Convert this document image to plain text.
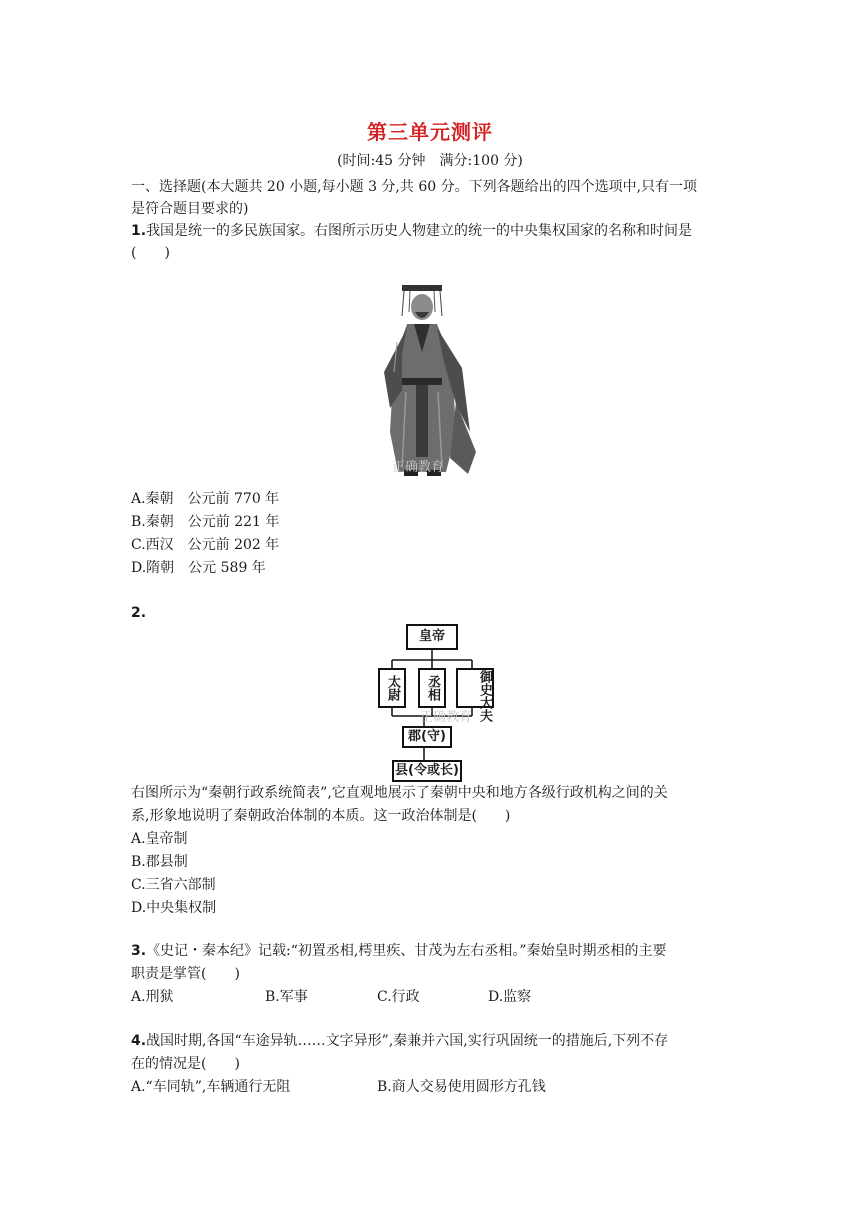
第三单元测评
(时间:45 分钟　满分:100 分)
一、选择题(本大题共 20 小题,每小题 3 分,共 60 分。下列各题给出的四个选项中,只有一项
是符合题目要求的)
1.我国是统一的多民族国家。右图所示历史人物建立的统一的中央集权国家的名称和时间是
(　　)
正确教育
A.秦朝　公元前 770 年
B.秦朝　公元前 221 年
C.西汉　公元前 202 年
D.隋朝　公元 589 年
2.
皇帝
太尉	丞相	御史大夫
正确教育
郡(守)
县(令或长)
右图所示为“秦朝行政系统简表”,它直观地展示了秦朝中央和地方各级行政机构之间的关
系,形象地说明了秦朝政治体制的本质。这一政治体制是(　　)
A.皇帝制
B.郡县制
C.三省六部制
D.中央集权制
3.《史记・秦本纪》记载:“初置丞相,樗里疾、甘茂为左右丞相。”秦始皇时期丞相的主要
职责是掌管(　　)
A.刑狱	B.军事	C.行政	D.监察
4.战国时期,各国“车途异轨……文字异形”,秦兼并六国,实行巩固统一的措施后,下列不存
在的情况是(　　)
A.“车同轨”,车辆通行无阻	B.商人交易使用圆形方孔钱
